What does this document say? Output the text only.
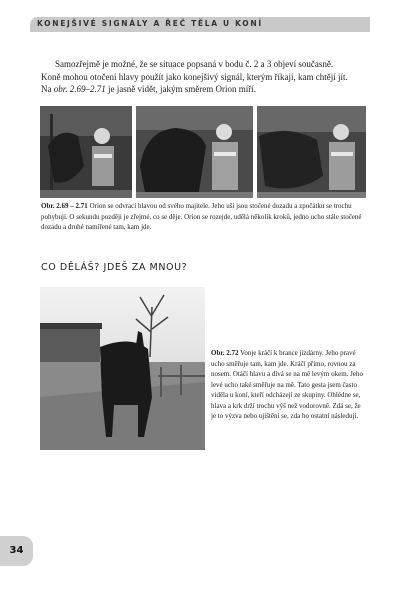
KONEJŠIVÉ SIGNÁLY A ŘEČ TĚLA U KONÍ

Samozřejmě je možné, že se situace popsaná v bodu č. 2 a 3 objeví současně.

Koně mohou otočení hlavy použít jako konejšivý signál, kterým říkají, kam chtějí jít.

Na obr. 2.69–2.71 je jasně vidět, jakým směrem Orion míří.

Obr. 2.69 – 2.71 Orion se odvrací hlavou od svého majitele. Jeho uši jsou stočené dozadu a zpočátku se trochu pohybují. O sekundu později je zřejmé, co se děje. Orion se rozejde, udělá několik kroků, jedno ucho stále stočené dozadu a druhé namířené tam, kam jde.

CO DĚLÁŠ? JDEŠ ZA MNOU?

Obr. 2.72 Vonje kráčí k brance jízdárny. Jeho pravé ucho směřuje tam, kam jde. Kráčí přímo, rovnou za nosem. Otáčí hlavu a dívá se na mě levým okem. Jeho levé ucho také směřuje na mě. Tato gesta jsem často viděla u koní, kteří odcházejí ze skupiny. Ohlédne se, hlava a krk drží trochu výš než vodorovně. Zdá se, že je to výzva nebo ujištění se, zda ho ostatní následují.

34
